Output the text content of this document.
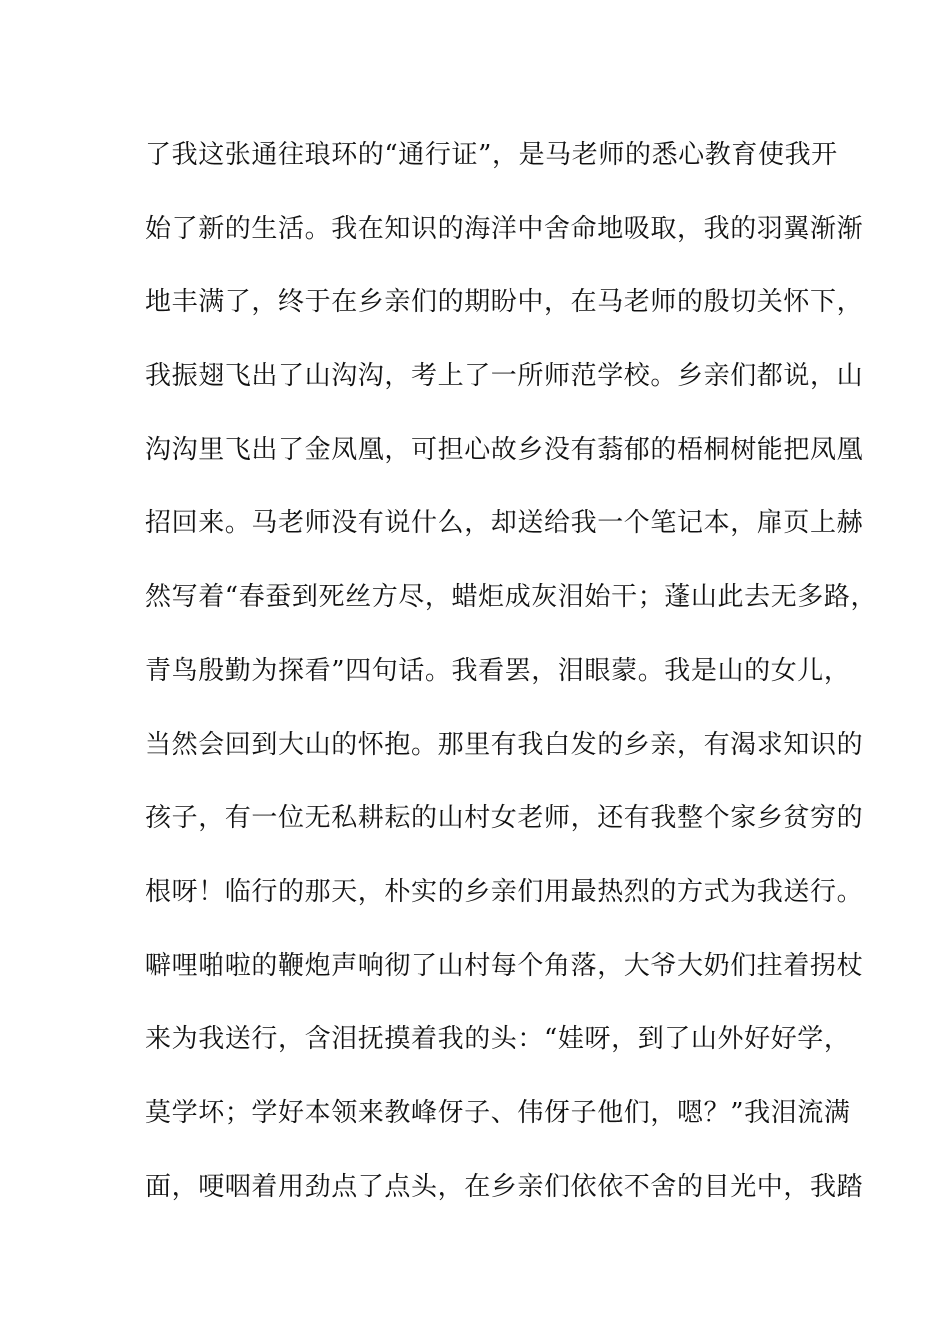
了我这张通往琅环的“通行证”，是马老师的悉心教育使我开
始了新的生活。我在知识的海洋中舍命地吸取，我的羽翼渐渐
地丰满了，终于在乡亲们的期盼中，在马老师的殷切关怀下，
我振翅飞出了山沟沟，考上了一所师范学校。乡亲们都说，山
沟沟里飞出了金凤凰，可担心故乡没有蓊郁的梧桐树能把凤凰
招回来。马老师没有说什么，却送给我一个笔记本，扉页上赫
然写着“春蚕到死丝方尽，蜡炬成灰泪始干；蓬山此去无多路，
青鸟殷勤为探看”四句话。我看罢，泪眼蒙。我是山的女儿，
当然会回到大山的怀抱。那里有我白发的乡亲，有渴求知识的
孩子，有一位无私耕耘的山村女老师，还有我整个家乡贫穷的
根呀！临行的那天，朴实的乡亲们用最热烈的方式为我送行。
噼哩啪啦的鞭炮声响彻了山村每个角落，大爷大奶们拄着拐杖
来为我送行，含泪抚摸着我的头：“娃呀，到了山外好好学，
莫学坏；学好本领来教峰伢子、伟伢子他们，嗯？”我泪流满
面，哽咽着用劲点了点头，在乡亲们依依不舍的目光中，我踏
